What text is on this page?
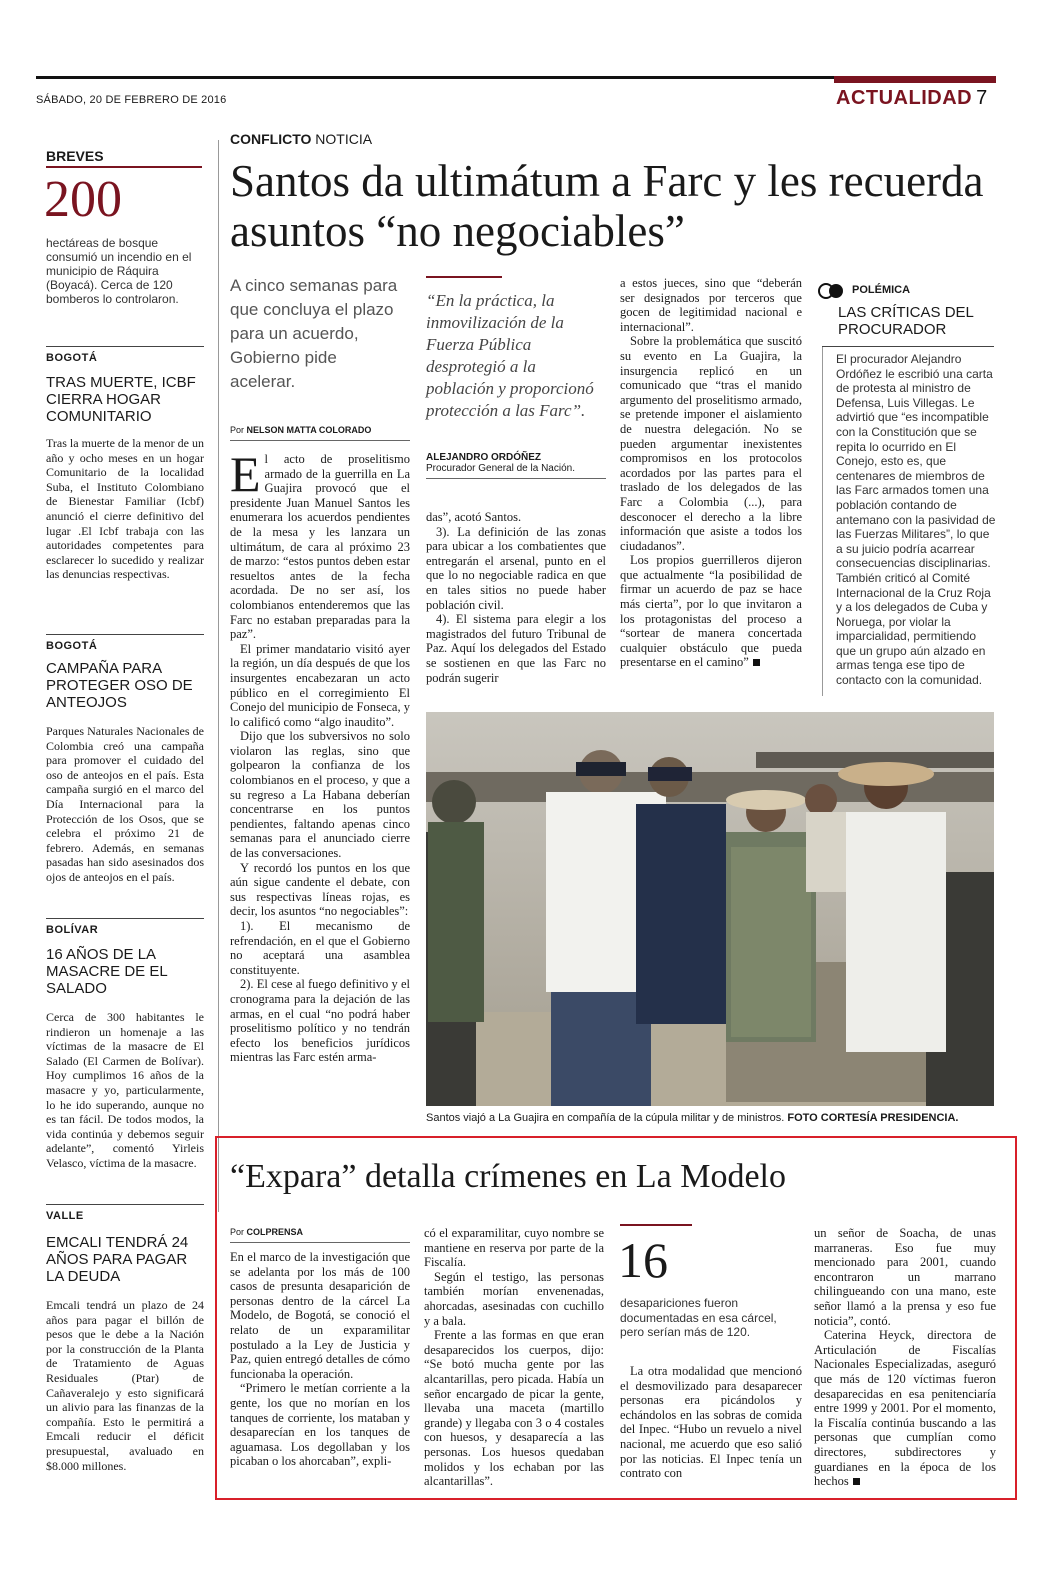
SÁBADO, 20 DE FEBRERO DE 2016	ACTUALIDAD 7
BREVES
200
hectáreas de bosque consumió un incendio en el municipio de Ráquira (Boyacá). Cerca de 120 bomberos lo controlaron.
BOGOTÁ
TRAS MUERTE, ICBF CIERRA HOGAR COMUNITARIO
Tras la muerte de la menor de un año y ocho meses en un hogar Comunitario de la localidad Suba, el Instituto Colombiano de Bienestar Familiar (Icbf) anunció el cierre definitivo del lugar .El Icbf trabaja con las autoridades competentes para esclarecer lo sucedido y realizar las denuncias respectivas.
BOGOTÁ
CAMPAÑA PARA PROTEGER OSO DE ANTEOJOS
Parques Naturales Nacionales de Colombia creó una campaña para promover el cuidado del oso de anteojos en el país. Esta campaña surgió en el marco del Día Internacional para la Protección de los Osos, que se celebra el próximo 21 de febrero. Además, en semanas pasadas han sido asesinados dos ojos de anteojos en el país.
BOLÍVAR
16 AÑOS DE LA MASACRE DE EL SALADO
Cerca de 300 habitantes le rindieron un homenaje a las víctimas de la masacre de El Salado (El Carmen de Bolívar). Hoy cumplimos 16 años de la masacre y yo, particularmente, lo he ido superando, aunque no es tan fácil. De todos modos, la vida continúa y debemos seguir adelante”, comentó Yirleis Velasco, víctima de la masacre.
VALLE
EMCALI TENDRÁ 24 AÑOS PARA PAGAR LA DEUDA
Emcali tendrá un plazo de 24 años para pagar el billón de pesos que le debe a la Nación por la construcción de la Planta de Tratamiento de Aguas Residuales (Ptar) de Cañaveralejo y esto significará un alivio para las finanzas de la compañía. Esto le permitirá a Emcali reducir el déficit presupuestal, avaluado en $8.000 millones.
CONFLICTO NOTICIA
Santos da ultimátum a Farc y les recuerda asuntos “no negociables”
A cinco semanas para que concluya el plazo para un acuerdo, Gobierno pide acelerar.
Por NELSON MATTA COLORADO
“En la práctica, la inmovilización de la Fuerza Pública desprotegió a la población y proporcionó protección a las Farc”.
ALEJANDRO ORDÓÑEZ
Procurador General de la Nación.

El acto de proselitismo armado de la guerrilla en La Guajira provocó que el presidente Juan Manuel Santos les enumerara los acuerdos pendientes de la mesa y les lanzara un ultimátum, de cara al próximo 23 de marzo: “estos puntos deben estar resueltos antes de la fecha acordada. De no ser así, los colombianos entenderemos que las Farc no estaban preparadas para la paz”.

El primer mandatario visitó ayer la región, un día después de que los insurgentes encabezaran un acto público en el corregimiento El Conejo del municipio de Fonseca, y lo calificó como “algo inaudito”.

Dijo que los subversivos no solo violaron las reglas, sino que golpearon la confianza de los colombianos en el proceso, y que a su regreso a La Habana deberían concentrarse en los puntos pendientes, faltando apenas cinco semanas para el anunciado cierre de las conversaciones.

Y recordó los puntos en los que aún sigue candente el debate, con sus respectivas líneas rojas, es decir, los asuntos “no negociables”:

1). El mecanismo de refrendación, en el que el Gobierno no aceptará una asamblea constituyente.

2). El cese al fuego definitivo y el cronograma para la dejación de las armas, en el cual “no podrá haber proselitismo político y no tendrán efecto los beneficios jurídicos mientras las Farc estén arma-

das”, acotó Santos.

3). La definición de las zonas para ubicar a los combatientes que entregarán el arsenal, punto en el que lo no negociable radica en que en tales sitios no puede haber población civil.

4). El sistema para elegir a los magistrados del futuro Tribunal de Paz. Aquí los delegados del Estado se sostienen en que las Farc no podrán sugerir

a estos jueces, sino que “deberán ser designados por terceros que gocen de legitimidad nacional e internacional”.

Sobre la problemática que suscitó su evento en La Guajira, la insurgencia replicó en un comunicado que “tras el manido argumento del proselitismo armado, se pretende imponer el aislamiento de nuestra delegación. No se pueden argumentar inexistentes compromisos en los protocolos acordados por las partes para el traslado de los delegados de las Farc a Colombia (...), para desconocer el derecho a la libre información que asiste a todos los ciudadanos”.

Los propios guerrilleros dijeron que actualmente “la posibilidad de firmar un acuerdo de paz se hace más cierta”, por lo que invitaron a los protagonistas del proceso a “sortear de manera concertada cualquier obstáculo que pueda presentarse en el camino”

POLÉMICA
LAS CRÍTICAS DEL PROCURADOR
El procurador Alejandro Ordóñez le escribió una carta de protesta al ministro de Defensa, Luis Villegas. Le advirtió que “es incompatible con la Constitución que se repita lo ocurrido en El Conejo, esto es, que centenares de miembros de las Farc armados tomen una población contando de antemano con la pasividad de las Fuerzas Militares”, lo que a su juicio podría acarrear consecuencias disciplinarias. También criticó al Comité Internacional de la Cruz Roja y a los delegados de Cuba y Noruega, por violar la imparcialidad, permitiendo que un grupo aún alzado en armas tenga ese tipo de contacto con la comunidad.
Santos viajó a La Guajira en compañía de la cúpula militar y de ministros. FOTO CORTESÍA PRESIDENCIA.
“Expara” detalla crímenes en La Modelo
Por COLPRENSA

En el marco de la investigación que se adelanta por los más de 100 casos de presunta desaparición de personas dentro de la cárcel La Modelo, de Bogotá, se conoció el relato de un exparamilitar postulado a la Ley de Justicia y Paz, quien entregó detalles de cómo funcionaba la operación.

“Primero le metían corriente a la gente, los que no morían en los tanques de corriente, los mataban y desaparecían en los tanques de aguamasa. Los degollaban y los picaban o los ahorcaban”, expli-

có el exparamilitar, cuyo nombre se mantiene en reserva por parte de la Fiscalía.

Según el testigo, las personas también morían envenenadas, ahorcadas, asesinadas con cuchillo y a bala.

Frente a las formas en que eran desaparecidos los cuerpos, dijo: “Se botó mucha gente por las alcantarillas, pero picada. Había un señor encargado de picar la gente, llevaba una maceta (martillo grande) y llegaba con 3 o 4 costales con huesos, y desaparecía a las personas. Los huesos quedaban molidos y los echaban por las alcantarillas”.

16
desapariciones fueron documentadas en esa cárcel, pero serían más de 120.

La otra modalidad que mencionó el desmovilizado para desaparecer personas era picándolos y echándolos en las sobras de comida del Inpec. “Hubo un revuelo a nivel nacional, me acuerdo que eso salió por las noticias. El Inpec tenía un contrato con

un señor de Soacha, de unas marraneras. Eso fue muy mencionado para 2001, cuando encontraron un marrano chilingueando con una mano, este señor llamó a la prensa y eso fue noticia”, contó.

Caterina Heyck, directora de Articulación de Fiscalías Nacionales Especializadas, aseguró que más de 120 víctimas fueron desaparecidas en esa penitenciaría entre 1999 y 2001. Por el momento, la Fiscalía continúa buscando a las personas que cumplían como directores, subdirectores y guardianes en la época de los hechos
